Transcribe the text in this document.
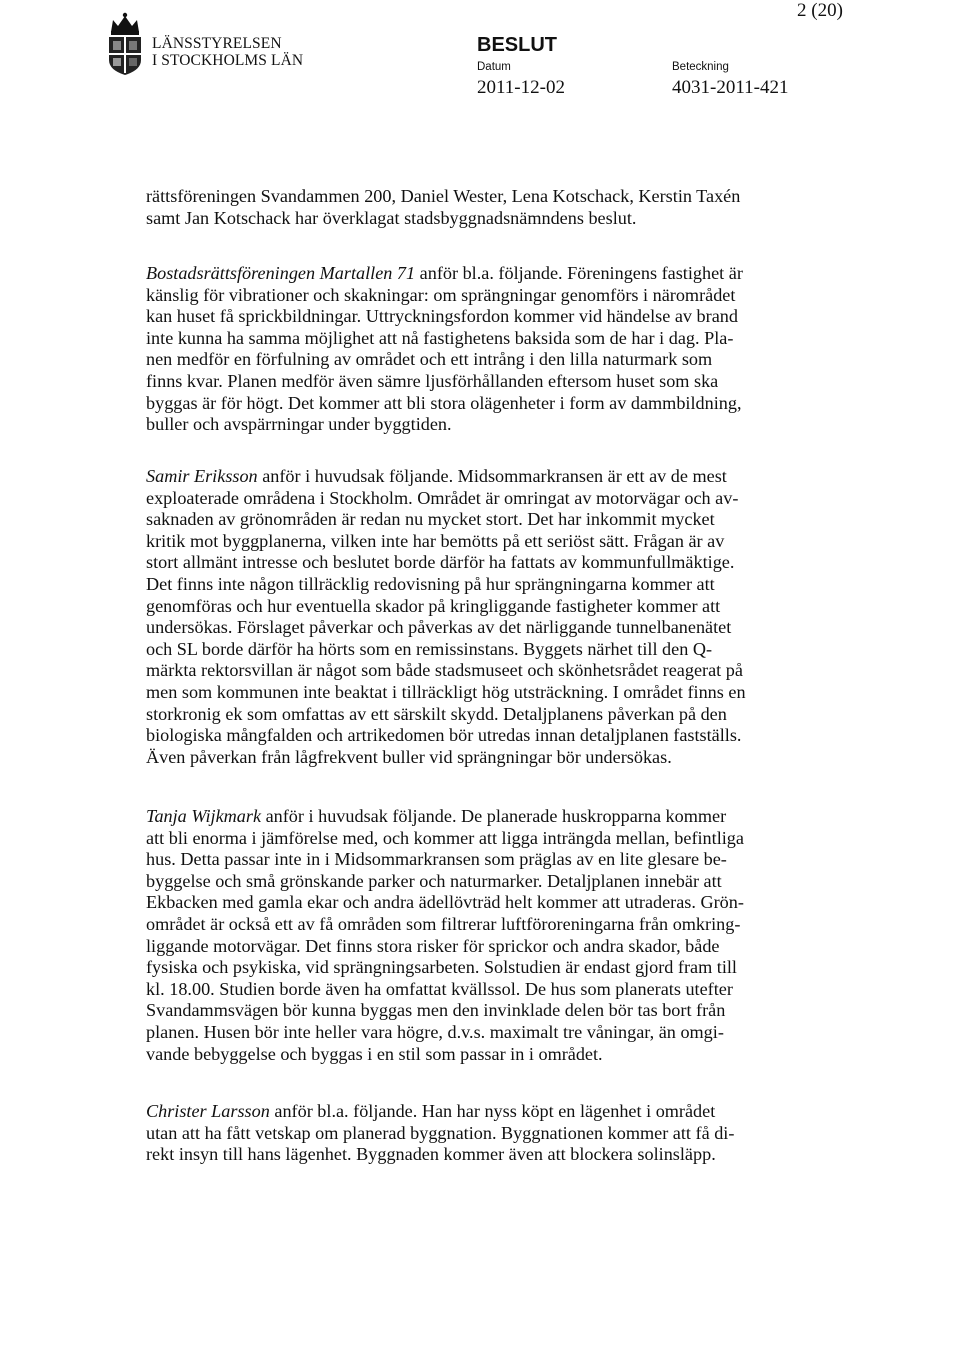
LÄNSSTYRELSEN
I STOCKHOLMS LÄN
BESLUT
Datum
2011-12-02
Beteckning
4031-2011-421
2 (20)
rättsföreningen Svandammen 200, Daniel Wester, Lena Kotschack, Kerstin Taxén
samt Jan Kotschack har överklagat stadsbyggnadsnämndens beslut.
Bostadsrättsföreningen Martallen 71 anför bl.a. följande. Föreningens fastighet är
känslig för vibrationer och skakningar: om sprängningar genomförs i närområdet
kan huset få sprickbildningar. Uttryckningsfordon kommer vid händelse av brand
inte kunna ha samma möjlighet att nå fastighetens baksida som de har i dag. Pla-
nen medför en förfulning av området och ett intrång i den lilla naturmark som
finns kvar. Planen medför även sämre ljusförhållanden eftersom huset som ska
byggas är för högt. Det kommer att bli stora olägenheter i form av dammbildning,
buller och avspärrningar under byggtiden.
Samir Eriksson anför i huvudsak följande. Midsommarkransen är ett av de mest
exploaterade områdena i Stockholm. Området är omringat av motorvägar och av-
saknaden av grönområden är redan nu mycket stort. Det har inkommit mycket
kritik mot byggplanerna, vilken inte har bemötts på ett seriöst sätt. Frågan är av
stort allmänt intresse och beslutet borde därför ha fattats av kommunfullmäktige.
Det finns inte någon tillräcklig redovisning på hur sprängningarna kommer att
genomföras och hur eventuella skador på kringliggande fastigheter kommer att
undersökas. Förslaget påverkar och påverkas av det närliggande tunnelbanenätet
och SL borde därför ha hörts som en remissinstans. Byggets närhet till den Q-
märkta rektorsvillan är något som både stadsmuseet och skönhetsrådet reagerat på
men som kommunen inte beaktat i tillräckligt hög utsträckning. I området finns en
storkronig ek som omfattas av ett särskilt skydd. Detaljplanens påverkan på den
biologiska mångfalden och artrikedomen bör utredas innan detaljplanen fastställs.
Även påverkan från lågfrekvent buller vid sprängningar bör undersökas.
Tanja Wijkmark anför i huvudsak följande. De planerade huskropparna kommer
att bli enorma i jämförelse med, och kommer att ligga inträngda mellan, befintliga
hus. Detta passar inte in i Midsommarkransen som präglas av en lite glesare be-
byggelse och små grönskande parker och naturmarker. Detaljplanen innebär att
Ekbacken med gamla ekar och andra ädellövträd helt kommer att utraderas. Grön-
området är också ett av få områden som filtrerar luftföroreningarna från omkring-
liggande motorvägar. Det finns stora risker för sprickor och andra skador, både
fysiska och psykiska, vid sprängningsarbeten. Solstudien är endast gjord fram till
kl. 18.00. Studien borde även ha omfattat kvällssol. De hus som planerats utefter
Svandammsvägen bör kunna byggas men den invinklade delen bör tas bort från
planen. Husen bör inte heller vara högre, d.v.s. maximalt tre våningar, än omgi-
vande bebyggelse och byggas i en stil som passar in i området.
Christer Larsson anför bl.a. följande. Han har nyss köpt en lägenhet i området
utan att ha fått vetskap om planerad byggnation. Byggnationen kommer att få di-
rekt insyn till hans lägenhet. Byggnaden kommer även att blockera solinsläpp.
